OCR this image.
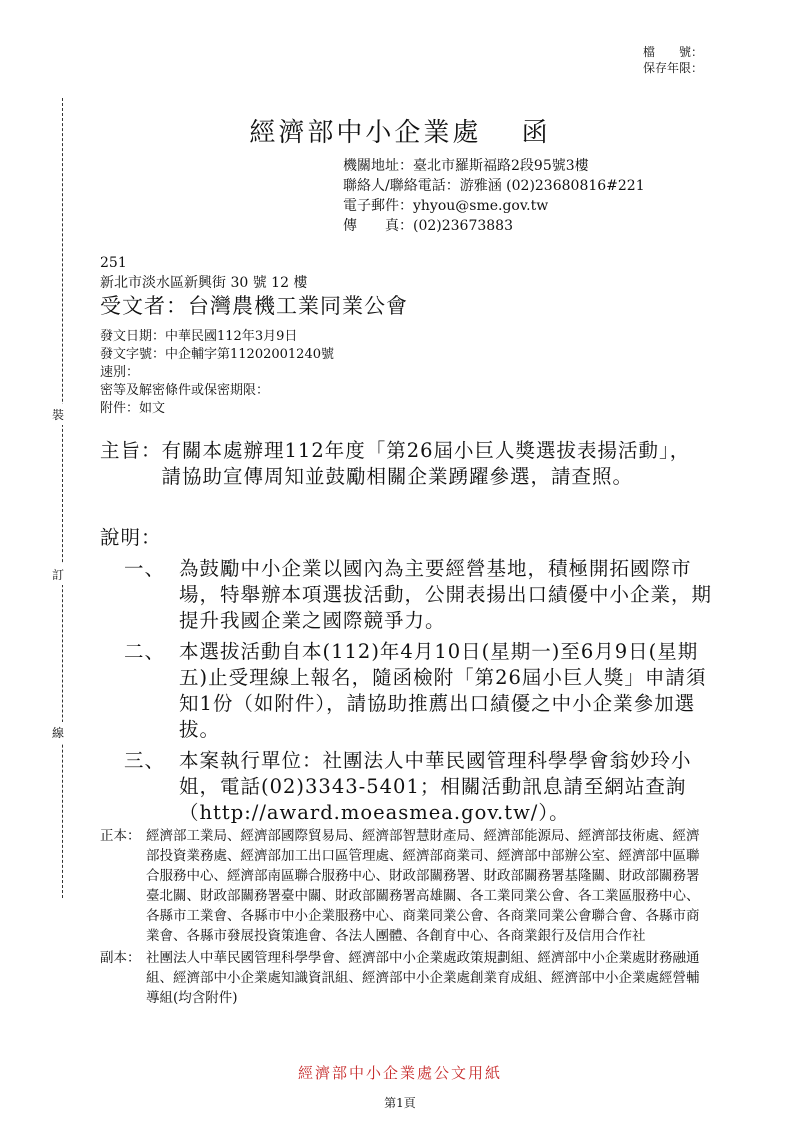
檔　　號：
保存年限：
裝
訂
線
經濟部中小企業處　 函
機關地址：臺北市羅斯福路2段95號3樓
聯絡人/聯絡電話：游雅涵 (02)23680816#221
電子郵件：yhyou@sme.gov.tw
傳　　真：(02)23673883
251
新北市淡水區新興街 30 號 12 樓
受文者：台灣農機工業同業公會
發文日期：中華民國112年3月9日
發文字號：中企輔字第11202001240號
速別：
密等及解密條件或保密期限：
附件：如文
主旨： 有關本處辦理112年度「第26屆小巨人獎選拔表揚活動」，請協助宣傳周知並鼓勵相關企業踴躍參選，請查照。
說明：
一、 為鼓勵中小企業以國內為主要經營基地，積極開拓國際市場，特舉辦本項選拔活動，公開表揚出口績優中小企業，期提升我國企業之國際競爭力。
二、 本選拔活動自本(112)年4月10日(星期一)至6月9日(星期五)止受理線上報名，隨函檢附「第26屆小巨人獎」申請須知1份（如附件），請協助推薦出口績優之中小企業參加選拔。
三、 本案執行單位：社團法人中華民國管理科學學會翁妙玲小姐，電話(02)3343-5401；相關活動訊息請至網站查詢（http://award.moeasmea.gov.tw/）。
正本： 經濟部工業局、經濟部國際貿易局、經濟部智慧財產局、經濟部能源局、經濟部技術處、經濟部投資業務處、經濟部加工出口區管理處、經濟部商業司、經濟部中部辦公室、經濟部中區聯合服務中心、經濟部南區聯合服務中心、財政部關務署、財政部關務署基隆關、財政部關務署臺北關、財政部關務署臺中關、財政部關務署高雄關、各工業同業公會、各工業區服務中心、各縣市工業會、各縣市中小企業服務中心、商業同業公會、各商業同業公會聯合會、各縣市商業會、各縣市發展投資策進會、各法人團體、各創育中心、各商業銀行及信用合作社
副本： 社團法人中華民國管理科學學會、經濟部中小企業處政策規劃組、經濟部中小企業處財務融通組、經濟部中小企業處知識資訊組、經濟部中小企業處創業育成組、經濟部中小企業處經營輔導組(均含附件)
經濟部中小企業處公文用紙
第1頁
